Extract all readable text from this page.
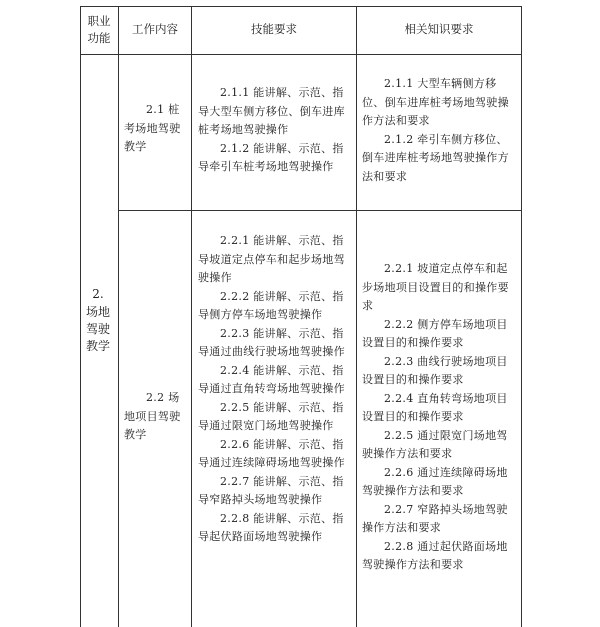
职业功能
工作内容	技能要求	相关知识要求
2.
场地驾驶教学

2.1 桩考场地驾驶教学

2.1.1 能讲解、示范、指导大型车侧方移位、倒车进库桩考场地驾驶操作

2.1.2 能讲解、示范、指导牵引车桩考场地驾驶操作

2.1.1 大型车辆侧方移位、倒车进库桩考场地驾驶操作方法和要求

2.1.2 牵引车侧方移位、倒车进库桩考场地驾驶操作方法和要求

2.2 场地项目驾驶教学

2.2.1 能讲解、示范、指导坡道定点停车和起步场地驾驶操作

2.2.2 能讲解、示范、指导侧方停车场地驾驶操作

2.2.3 能讲解、示范、指导通过曲线行驶场地驾驶操作

2.2.4 能讲解、示范、指导通过直角转弯场地驾驶操作

2.2.5 能讲解、示范、指导通过限宽门场地驾驶操作

2.2.6 能讲解、示范、指导通过连续障碍场地驾驶操作

2.2.7 能讲解、示范、指导窄路掉头场地驾驶操作

2.2.8 能讲解、示范、指导起伏路面场地驾驶操作

2.2.1 坡道定点停车和起步场地项目设置目的和操作要求

2.2.2 侧方停车场地项目设置目的和操作要求

2.2.3 曲线行驶场地项目设置目的和操作要求

2.2.4 直角转弯场地项目设置目的和操作要求

2.2.5 通过限宽门场地驾驶操作方法和要求

2.2.6 通过连续障碍场地驾驶操作方法和要求

2.2.7 窄路掉头场地驾驶操作方法和要求

2.2.8 通过起伏路面场地驾驶操作方法和要求
